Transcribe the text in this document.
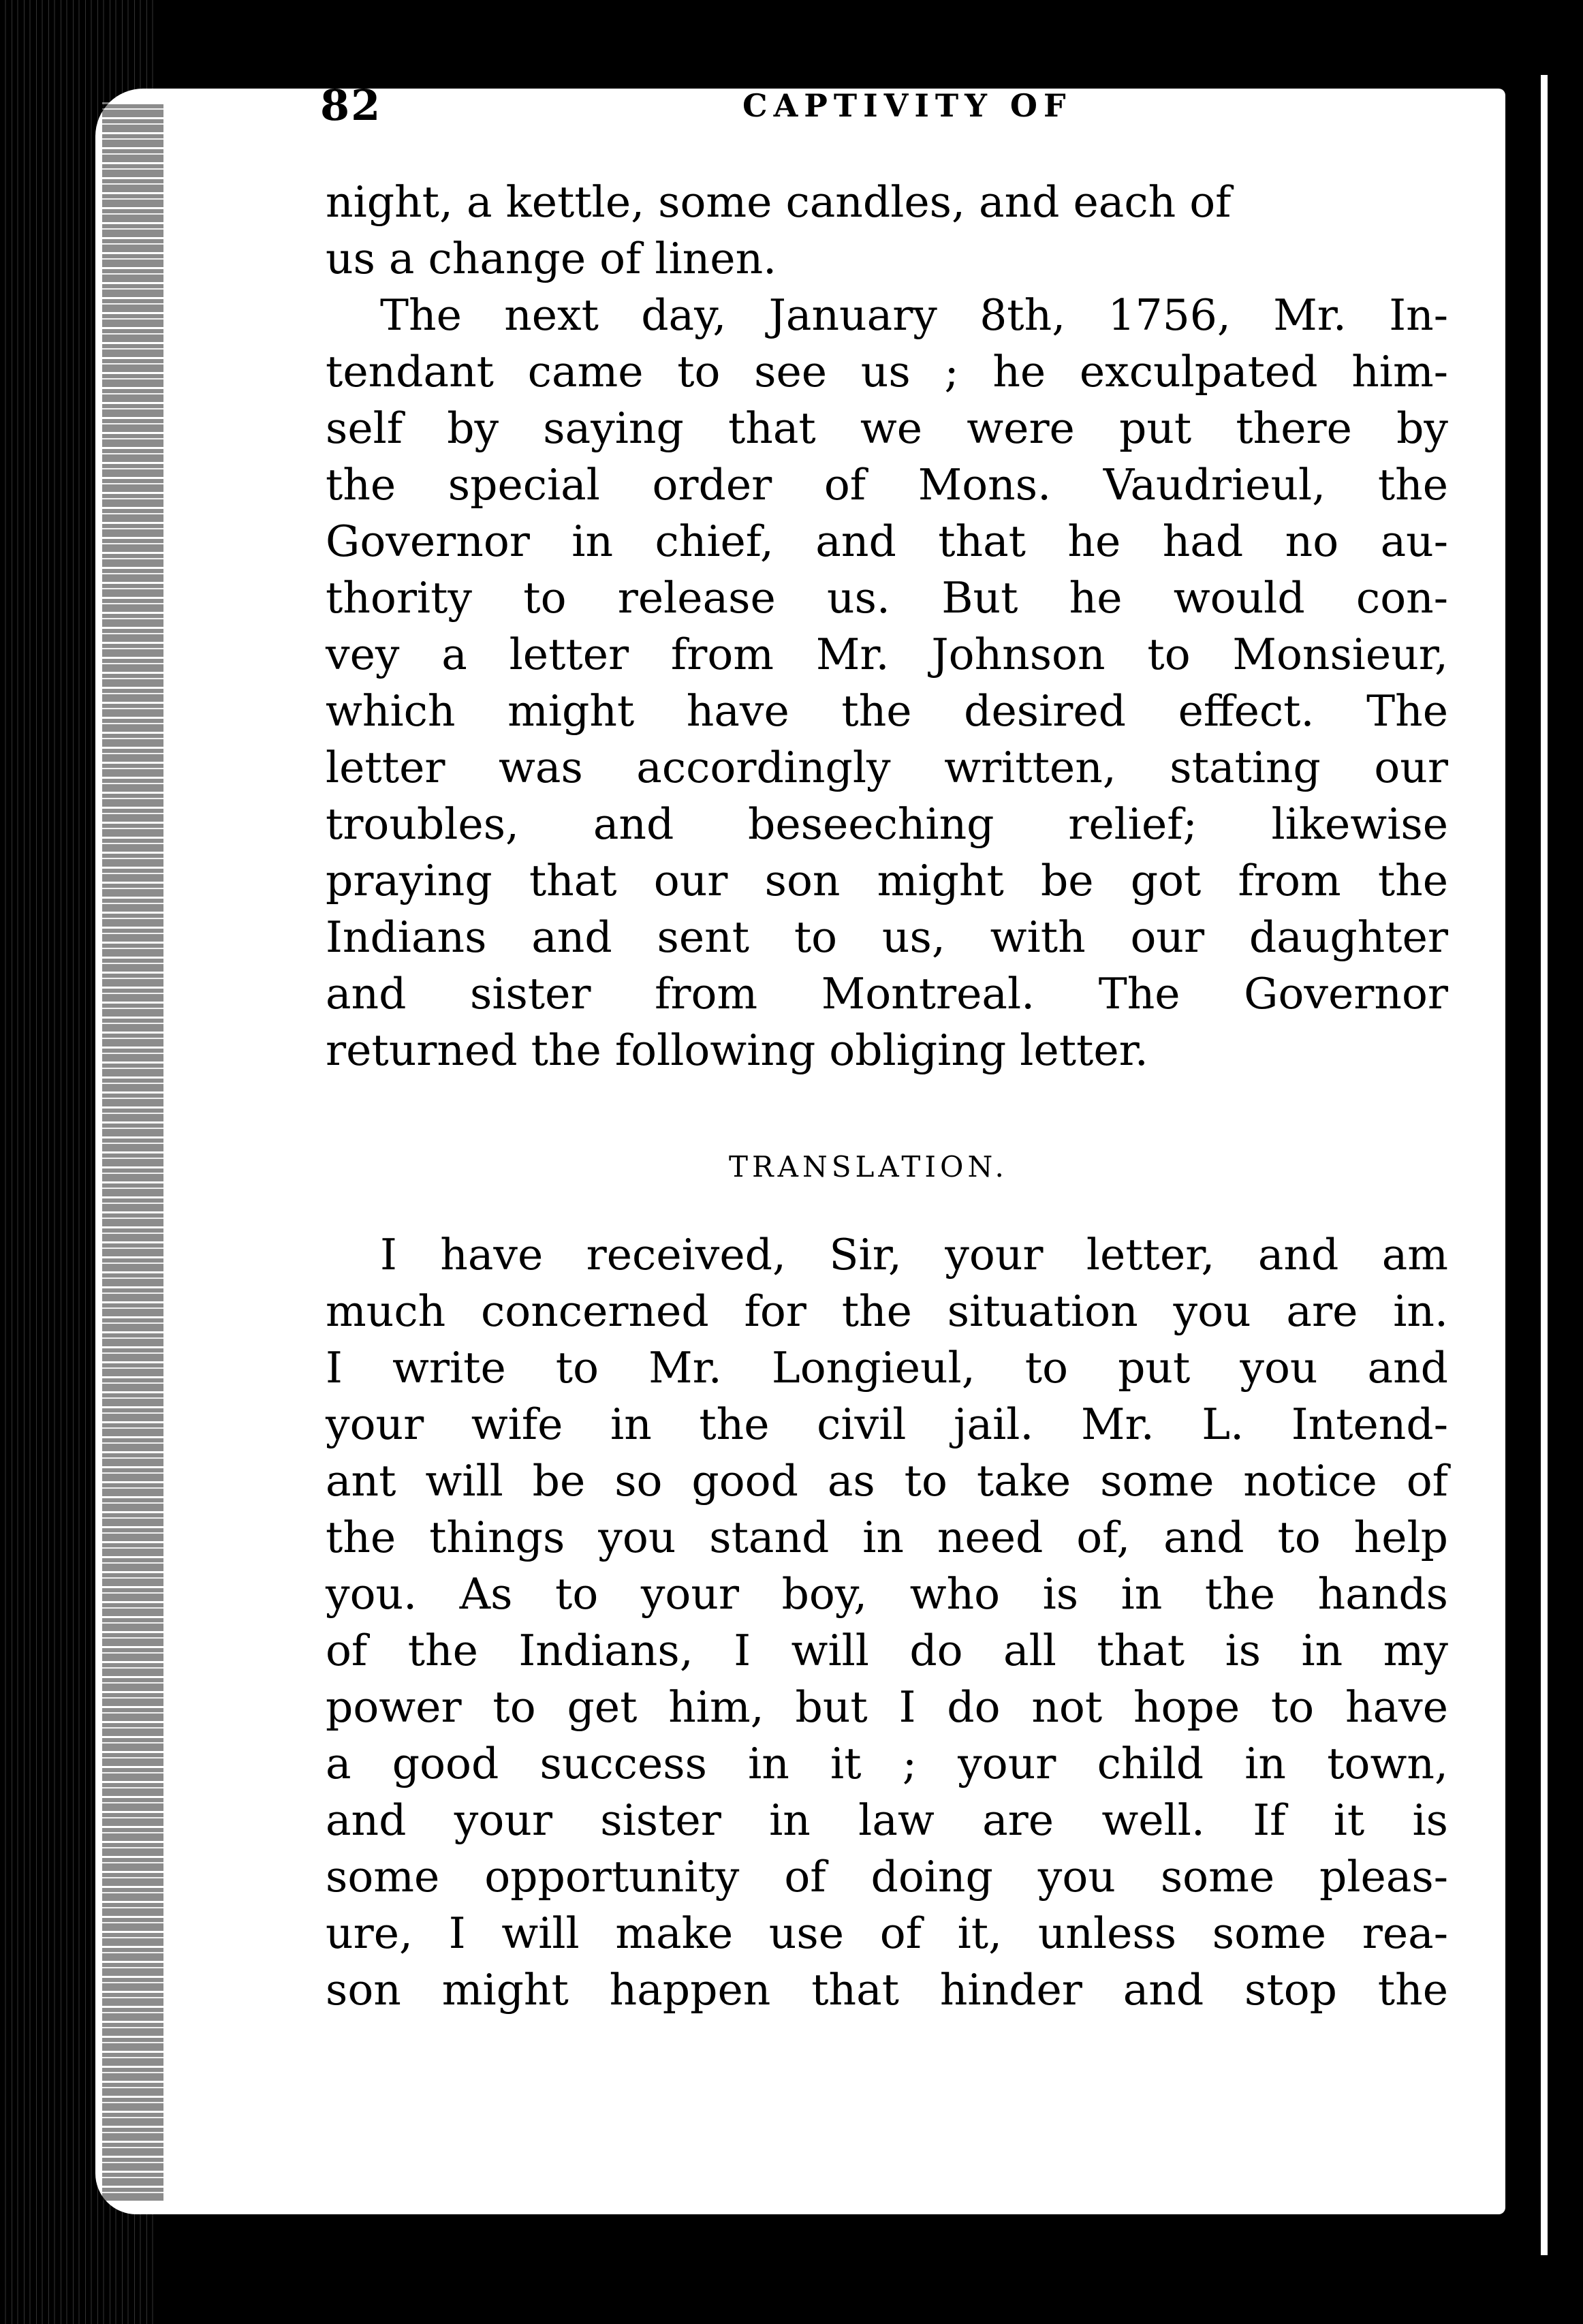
82	CAPTIVITY OF
night, a kettle, some candles, and each of
us a change of linen.
The next day, January 8th, 1756, Mr. In-
tendant came to see us ; he exculpated him-
self by saying that we were put there by
the special order of Mons. Vaudrieul, the
Governor in chief, and that he had no au-
thority to release us. But he would con-
vey a letter from Mr. Johnson to Monsieur,
which might have the desired effect. The
letter was accordingly written, stating our
troubles, and beseeching relief; likewise
praying that our son might be got from the
Indians and sent to us, with our daughter
and sister from Montreal. The Governor
returned the following obliging letter.
TRANSLATION.
I have received, Sir, your letter, and am
much concerned for the situation you are in.
I write to Mr. Longieul, to put you and
your wife in the civil jail. Mr. L. Intend-
ant will be so good as to take some notice of
the things you stand in need of, and to help
you. As to your boy, who is in the hands
of the Indians, I will do all that is in my
power to get him, but I do not hope to have
a good success in it ; your child in town,
and your sister in law are well. If it is
some opportunity of doing you some pleas-
ure, I will make use of it, unless some rea-
son might happen that hinder and stop the
